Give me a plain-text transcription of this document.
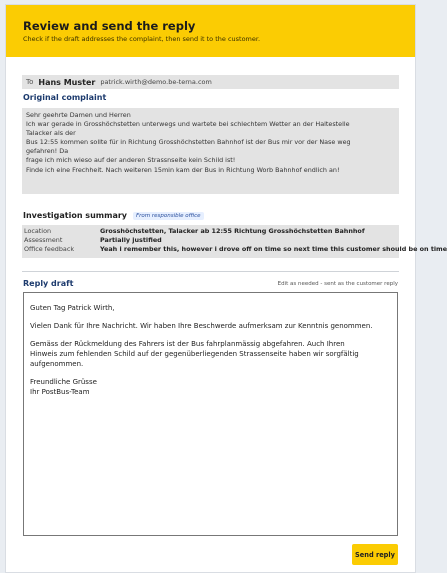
Review and send the reply
Check if the draft addresses the complaint, then send it to the customer.
To Hans Muster patrick.wirth@demo.be-terna.com
Original complaint
Sehr geehrte Damen und Herren
Ich war gerade in Grosshöchstetten unterwegs und wartete bei schlechtem Wetter an der Haltestelle
Talacker als der
Bus 12:55 kommen sollte für in Richtung Grosshöchstetten Bahnhof ist der Bus mir vor der Nase weg
gefahren! Da
frage ich mich wieso auf der anderen Strassnseite kein Schild ist!
Finde ich eine Frechheit. Nach weiteren 15min kam der Bus in Richtung Worb Bahnhof endlich an!
Investigation summary	From responsible office
Location	Grosshöchstetten, Talacker ab 12:55 Richtung Grosshöchstetten Bahnhof
Assessment	Partially justified
Office feedback	Yeah i remember this, however i drove off on time so next time this customer should be on time
Reply draft	Edit as needed - sent as the customer reply

Guten Tag Patrick Wirth,

Vielen Dank für Ihre Nachricht. Wir haben Ihre Beschwerde aufmerksam zur Kenntnis genommen.

Gemäss der Rückmeldung des Fahrers ist der Bus fahrplanmässig abgefahren. Auch Ihren
Hinweis zum fehlenden Schild auf der gegenüberliegenden Strassenseite haben wir sorgfältig
aufgenommen.

Freundliche Grüsse
Ihr PostBus-Team

Send reply
